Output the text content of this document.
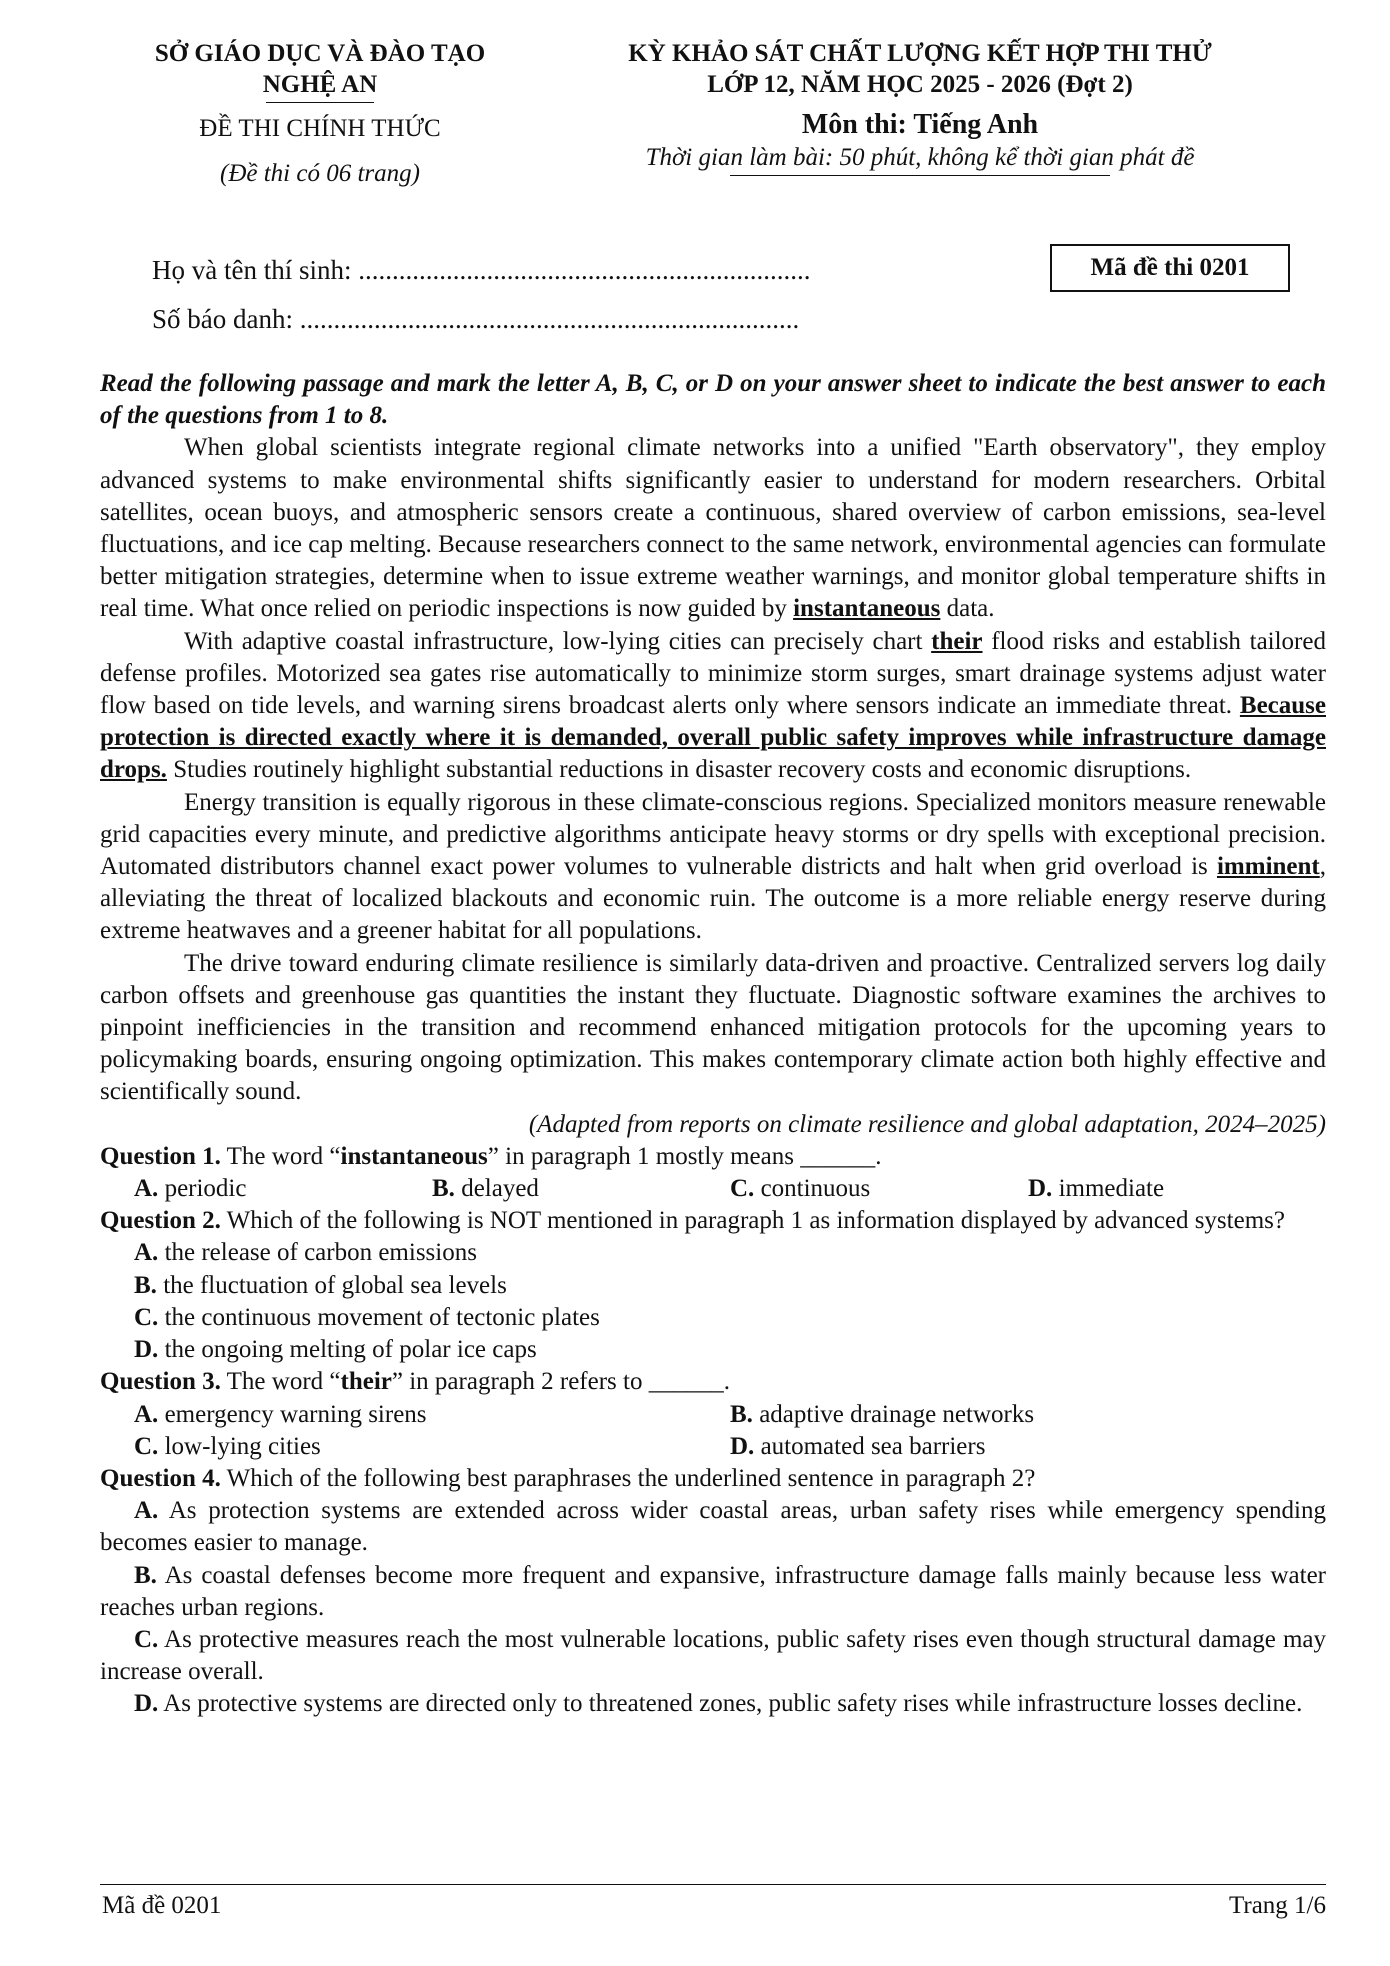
SỞ GIÁO DỤC VÀ ĐÀO TẠO
NGHỆ AN
ĐỀ THI CHÍNH THỨC
(Đề thi có 06 trang)
KỲ KHẢO SÁT CHẤT LƯỢNG KẾT HỢP THI THỬ
LỚP 12, NĂM HỌC 2025 - 2026 (Đợt 2)
Môn thi: Tiếng Anh
Thời gian làm bài: 50 phút, không kể thời gian phát đề
Họ và tên thí sinh: ...................................................................
Số báo danh: ..........................................................................
Mã đề thi 0201

Read the following passage and mark the letter A, B, C, or D on your answer sheet to indicate the best answer to each of the questions from 1 to 8.

When global scientists integrate regional climate networks into a unified "Earth observatory", they employ advanced systems to make environmental shifts significantly easier to understand for modern researchers. Orbital satellites, ocean buoys, and atmospheric sensors create a continuous, shared overview of carbon emissions, sea-level fluctuations, and ice cap melting. Because researchers connect to the same network, environmental agencies can formulate better mitigation strategies, determine when to issue extreme weather warnings, and monitor global temperature shifts in real time. What once relied on periodic inspections is now guided by instantaneous data.

With adaptive coastal infrastructure, low-lying cities can precisely chart their flood risks and establish tailored defense profiles. Motorized sea gates rise automatically to minimize storm surges, smart drainage systems adjust water flow based on tide levels, and warning sirens broadcast alerts only where sensors indicate an immediate threat. Because protection is directed exactly where it is demanded, overall public safety improves while infrastructure damage drops. Studies routinely highlight substantial reductions in disaster recovery costs and economic disruptions.

Energy transition is equally rigorous in these climate-conscious regions. Specialized monitors measure renewable grid capacities every minute, and predictive algorithms anticipate heavy storms or dry spells with exceptional precision. Automated distributors channel exact power volumes to vulnerable districts and halt when grid overload is imminent, alleviating the threat of localized blackouts and economic ruin. The outcome is a more reliable energy reserve during extreme heatwaves and a greener habitat for all populations.

The drive toward enduring climate resilience is similarly data-driven and proactive. Centralized servers log daily carbon offsets and greenhouse gas quantities the instant they fluctuate. Diagnostic software examines the archives to pinpoint inefficiencies in the transition and recommend enhanced mitigation protocols for the upcoming years to policymaking boards, ensuring ongoing optimization. This makes contemporary climate action both highly effective and scientifically sound.

(Adapted from reports on climate resilience and global adaptation, 2024–2025)

Question 1. The word “instantaneous” in paragraph 1 mostly means ______.

A. periodic	B. delayed	C. continuous	D. immediate

Question 2. Which of the following is NOT mentioned in paragraph 1 as information displayed by advanced systems?

A. the release of carbon emissions
B. the fluctuation of global sea levels
C. the continuous movement of tectonic plates
D. the ongoing melting of polar ice caps

Question 3. The word “their” in paragraph 2 refers to ______.

A. emergency warning sirens	B. adaptive drainage networks
C. low-lying cities	D. automated sea barriers

Question 4. Which of the following best paraphrases the underlined sentence in paragraph 2?

A. As protection systems are extended across wider coastal areas, urban safety rises while emergency spending becomes easier to manage.

B. As coastal defenses become more frequent and expansive, infrastructure damage falls mainly because less water reaches urban regions.

C. As protective measures reach the most vulnerable locations, public safety rises even though structural damage may increase overall.

D. As protective systems are directed only to threatened zones, public safety rises while infrastructure losses decline.

Mã đề 0201	Trang 1/6
